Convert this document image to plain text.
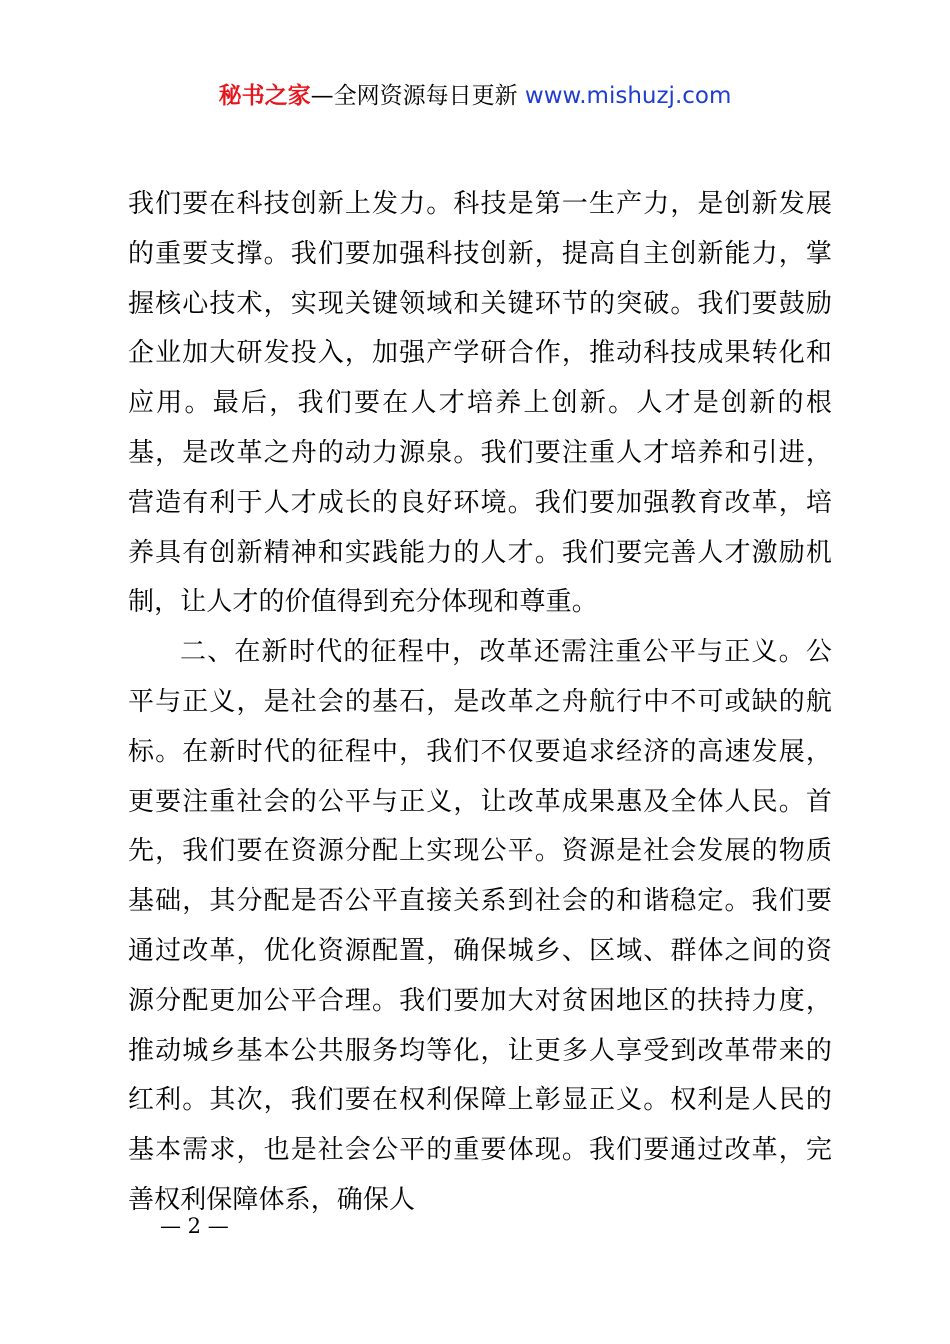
秘书之家—全网资源每日更新 www.mishuzj.com

我们要在科技创新上发力。科技是第一生产力，是创新发展的重要支撑。我们要加强科技创新，提高自主创新能力，掌握核心技术，实现关键领域和关键环节的突破。我们要鼓励企业加大研发投入，加强产学研合作，推动科技成果转化和应用。最后，我们要在人才培养上创新。人才是创新的根基，是改革之舟的动力源泉。我们要注重人才培养和引进，营造有利于人才成长的良好环境。我们要加强教育改革，培养具有创新精神和实践能力的人才。我们要完善人才激励机制，让人才的价值得到充分体现和尊重。

二、在新时代的征程中，改革还需注重公平与正义。公平与正义，是社会的基石，是改革之舟航行中不可或缺的航标。在新时代的征程中，我们不仅要追求经济的高速发展，更要注重社会的公平与正义，让改革成果惠及全体人民。首先，我们要在资源分配上实现公平。资源是社会发展的物质基础，其分配是否公平直接关系到社会的和谐稳定。我们要通过改革，优化资源配置，确保城乡、区域、群体之间的资源分配更加公平合理。我们要加大对贫困地区的扶持力度，推动城乡基本公共服务均等化，让更多人享受到改革带来的红利。其次，我们要在权利保障上彰显正义。权利是人民的基本需求，也是社会公平的重要体现。我们要通过改革，完善权利保障体系，确保人

— 2 —
